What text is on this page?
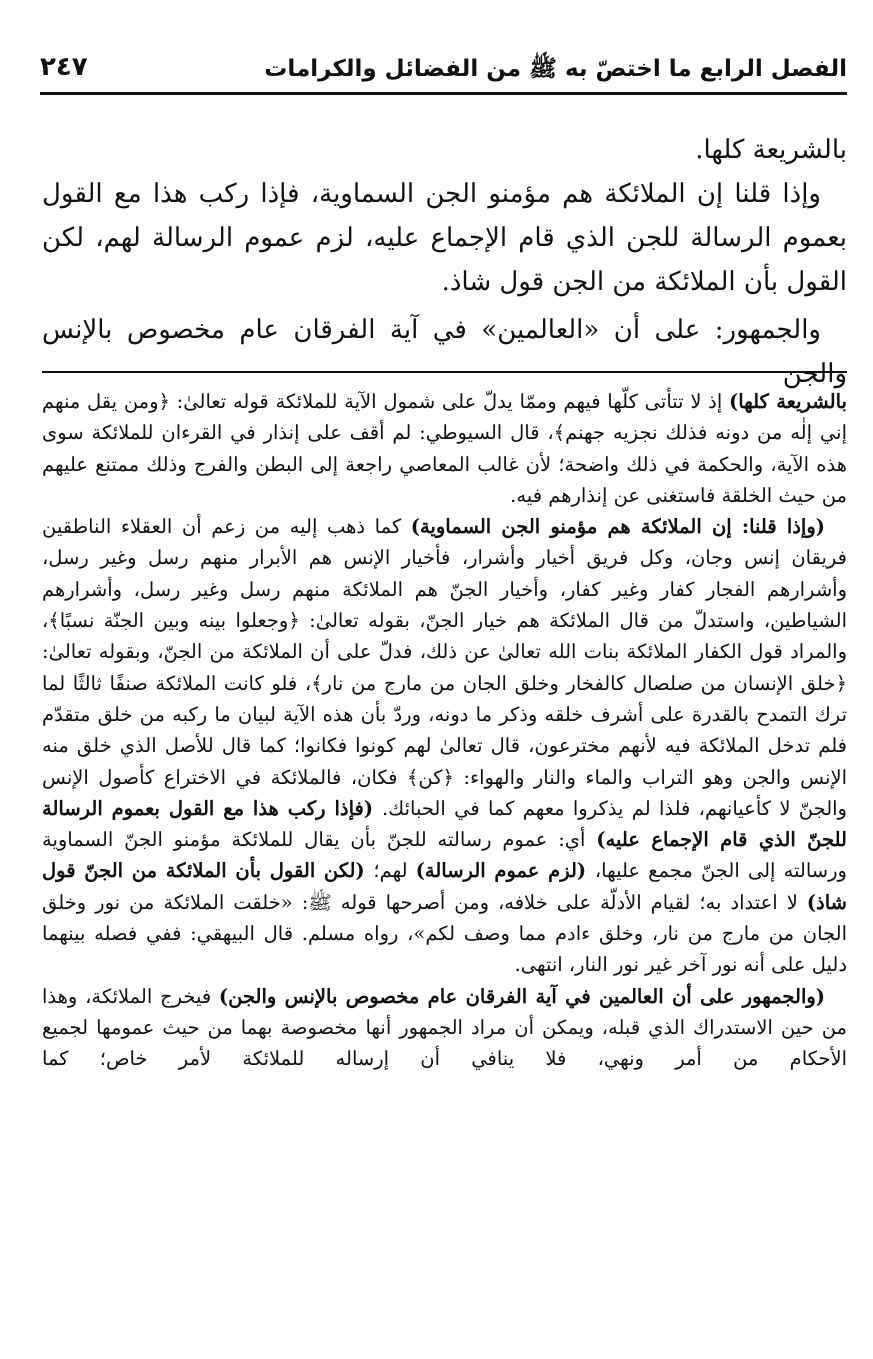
الفصل الرابع ما اختصّ به ﷺ من الفضائل والكرامات
٢٤٧

بالشريعة كلها.

وإذا قلنا إن الملائكة هم مؤمنو الجن السماوية، فإذا ركب هذا مع القول بعموم الرسالة للجن الذي قام الإجماع عليه، لزم عموم الرسالة لهم، لكن القول بأن الملائكة من الجن قول شاذ.

والجمهور: على أن «العالمين» في آية الفرقان عام مخصوص بالإنس والجن

بالشريعة كلها) إذ لا تتأتى كلّها فيهم وممّا يدلّ على شمول الآية للملائكة قوله تعالىٰ: ﴿ومن يقل منهم إني إلٰه من دونه فذلك نجزيه جهنم﴾، قال السيوطي: لم أقف على إنذار في القرءان للملائكة سوى هذه الآية، والحكمة في ذلك واضحة؛ لأن غالب المعاصي راجعة إلى البطن والفرج وذلك ممتنع عليهم من حيث الخلقة فاستغنى عن إنذارهم فيه.

(وإذا قلنا: إن الملائكة هم مؤمنو الجن السماوية) كما ذهب إليه من زعم أن العقلاء الناطقين فريقان إنس وجان، وكل فريق أخيار وأشرار، فأخيار الإنس هم الأبرار منهم رسل وغير رسل، وأشرارهم الفجار كفار وغير كفار، وأخيار الجنّ هم الملائكة منهم رسل وغير رسل، وأشرارهم الشياطين، واستدلّ من قال الملائكة هم خيار الجنّ، بقوله تعالىٰ: ﴿وجعلوا بينه وبين الجنّة نسبًا﴾، والمراد قول الكفار الملائكة بنات الله تعالىٰ عن ذلك، فدلّ على أن الملائكة من الجنّ، وبقوله تعالىٰ: ﴿خلق الإنسان من صلصال كالفخار وخلق الجان من مارج من نار﴾، فلو كانت الملائكة صنفًا ثالثًا لما ترك التمدح بالقدرة على أشرف خلقه وذكر ما دونه، وردّ بأن هذه الآية لبيان ما ركبه من خلق متقدّم فلم تدخل الملائكة فيه لأنهم مخترعون، قال تعالىٰ لهم كونوا فكانوا؛ كما قال للأصل الذي خلق منه الإنس والجن وهو التراب والماء والنار والهواء: ﴿كن﴾ فكان، فالملائكة في الاختراع كأصول الإنس والجنّ لا كأعيانهم، فلذا لم يذكروا معهم كما في الحبائك. (فإذا ركب هذا مع القول بعموم الرسالة للجنّ الذي قام الإجماع عليه) أي: عموم رسالته للجنّ بأن يقال للملائكة مؤمنو الجنّ السماوية ورسالته إلى الجنّ مجمع عليها، (لزم عموم الرسالة) لهم؛ (لكن القول بأن الملائكة من الجنّ قول شاذ) لا اعتداد به؛ لقيام الأدلّة على خلافه، ومن أصرحها قوله ﷺ: «خلقت الملائكة من نور وخلق الجان من مارج من نار، وخلق ءادم مما وصف لكم»، رواه مسلم. قال البيهقي: ففي فصله بينهما دليل على أنه نور آخر غير نور النار، انتهى.

(والجمهور على أن العالمين في آية الفرقان عام مخصوص بالإنس والجن) فيخرج الملائكة، وهذا من حين الاستدراك الذي قبله، ويمكن أن مراد الجمهور أنها مخصوصة بهما من حيث عمومها لجميع الأحكام من أمر ونهي، فلا ينافي أن إرساله للملائكة لأمر خاص؛ كما
